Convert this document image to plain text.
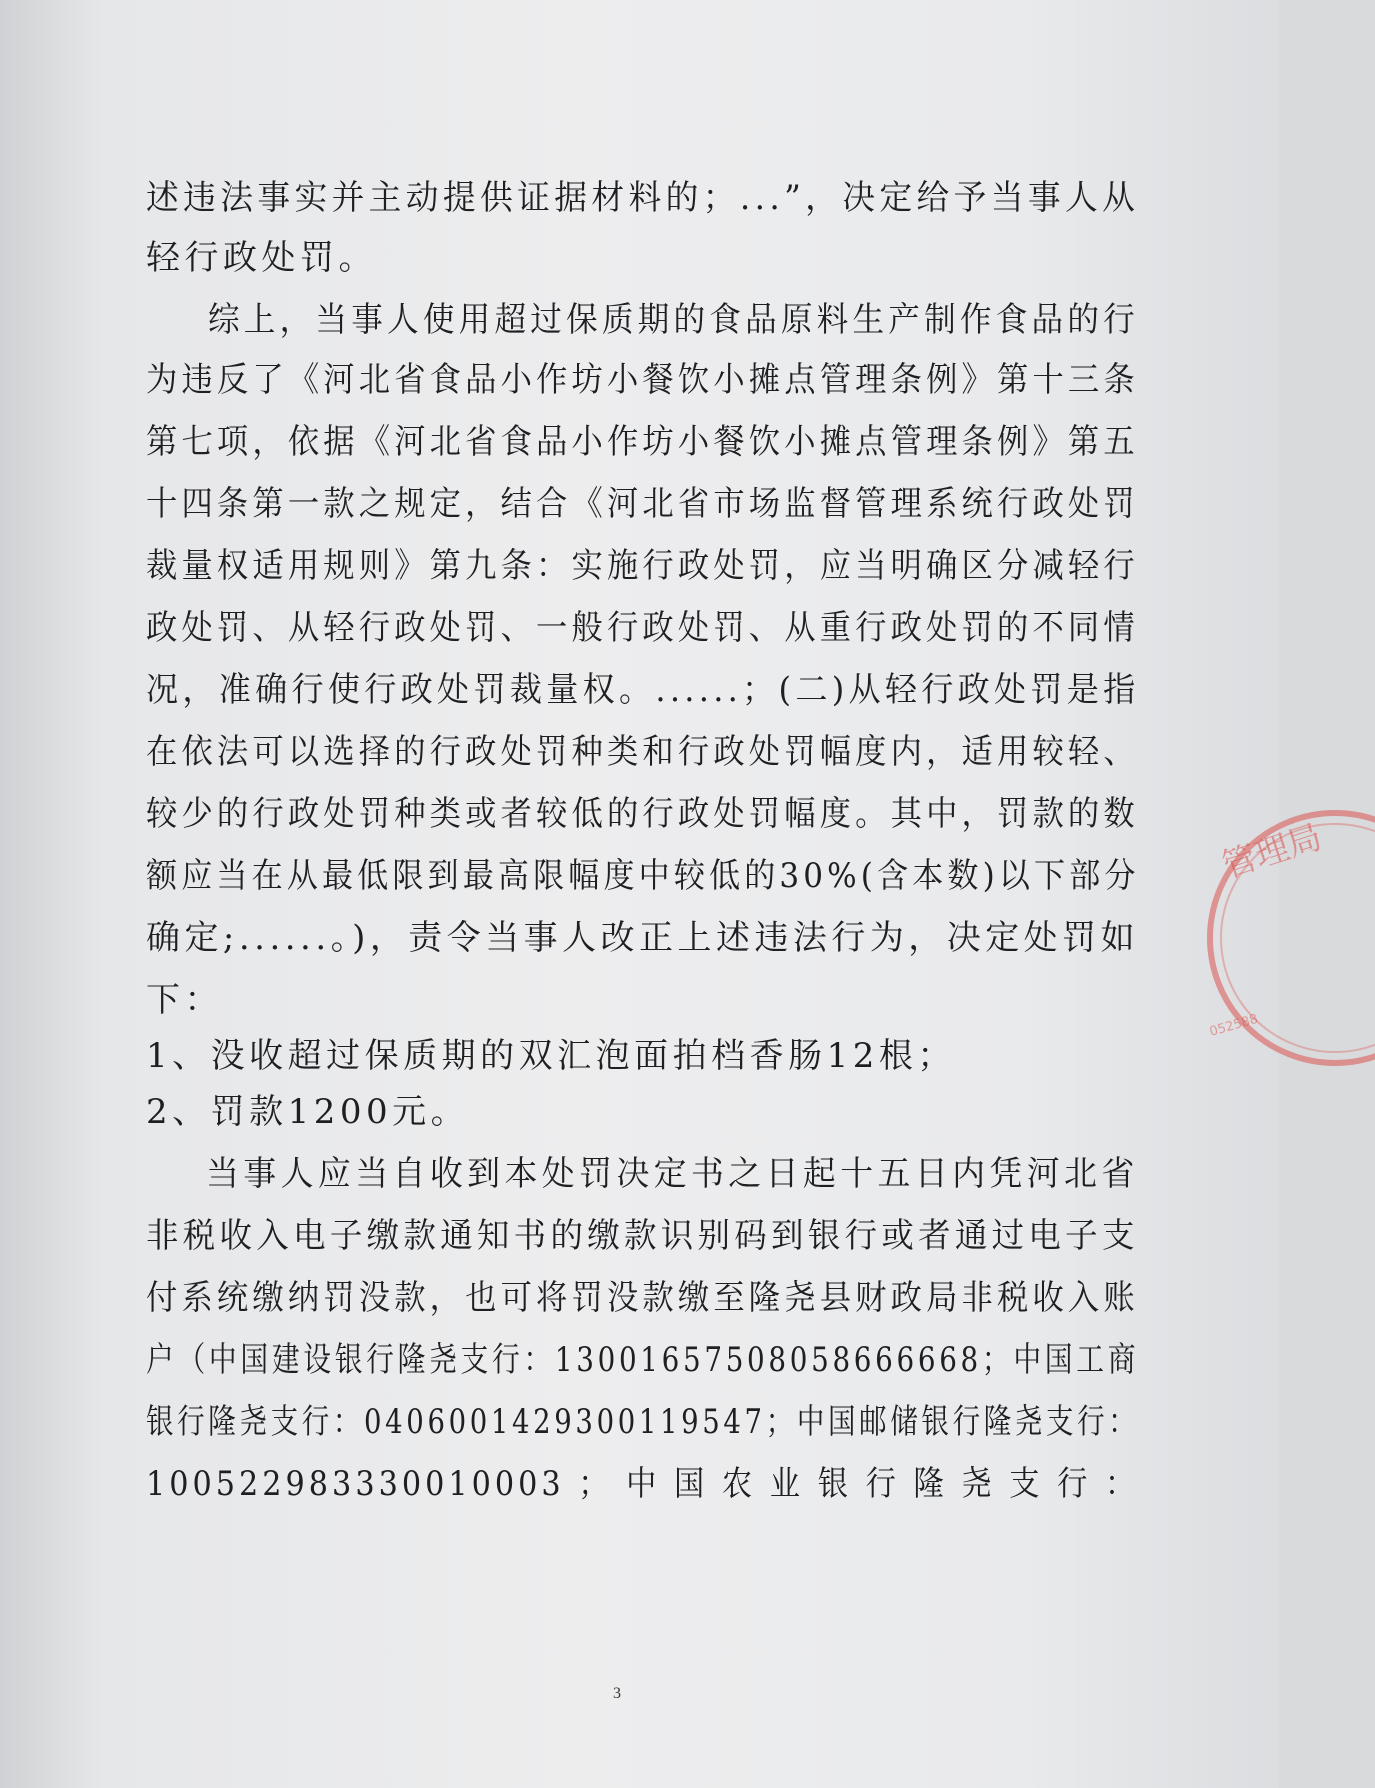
述违法事实并主动提供证据材料的；...”，决定给予当事人从
轻行政处罚。
综上，当事人使用超过保质期的食品原料生产制作食品的行
为违反了《河北省食品小作坊小餐饮小摊点管理条例》第十三条
第七项，依据《河北省食品小作坊小餐饮小摊点管理条例》第五
十四条第一款之规定，结合《河北省市场监督管理系统行政处罚
裁量权适用规则》第九条：实施行政处罚，应当明确区分减轻行
政处罚、从轻行政处罚、一般行政处罚、从重行政处罚的不同情
况，准确行使行政处罚裁量权。......；(二)从轻行政处罚是指
在依法可以选择的行政处罚种类和行政处罚幅度内，适用较轻、
较少的行政处罚种类或者较低的行政处罚幅度。其中，罚款的数
额应当在从最低限到最高限幅度中较低的30%(含本数)以下部分
确定;......。)，责令当事人改正上述违法行为，决定处罚如
下：
1、没收超过保质期的双汇泡面拍档香肠12根；
2、罚款1200元。
当事人应当自收到本处罚决定书之日起十五日内凭河北省
非税收入电子缴款通知书的缴款识别码到银行或者通过电子支
付系统缴纳罚没款，也可将罚没款缴至隆尧县财政局非税收入账
户（中国建设银行隆尧支行：13001657508058666668；中国工商
银行隆尧支行：0406001429300119547；中国邮储银行隆尧支行：
100522983330010003 ； 中 国 农 业 银 行 隆 尧 支 行 ：
3
管理局
052588
